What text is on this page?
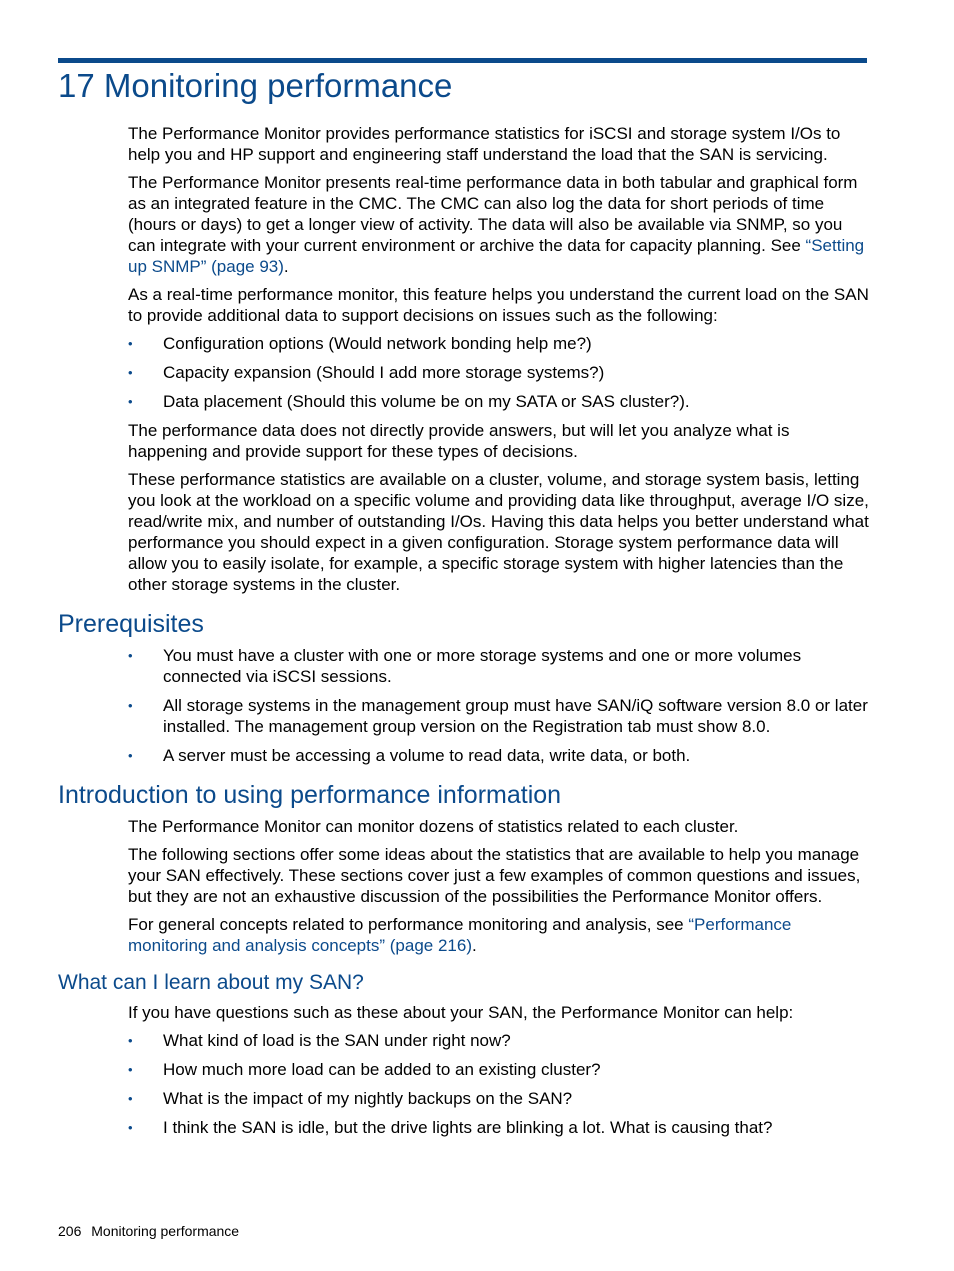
17 Monitoring performance

The Performance Monitor provides performance statistics for iSCSI and storage system I/Os to help you and HP support and engineering staff understand the load that the SAN is servicing.

The Performance Monitor presents real-time performance data in both tabular and graphical form as an integrated feature in the CMC. The CMC can also log the data for short periods of time (hours or days) to get a longer view of activity. The data will also be available via SNMP, so you can integrate with your current environment or archive the data for capacity planning. See “Setting up SNMP” (page 93).

As a real-time performance monitor, this feature helps you understand the current load on the SAN to provide additional data to support decisions on issues such as the following:

• Configuration options (Would network bonding help me?)
• Capacity expansion (Should I add more storage systems?)
• Data placement (Should this volume be on my SATA or SAS cluster?).

The performance data does not directly provide answers, but will let you analyze what is happening and provide support for these types of decisions.

These performance statistics are available on a cluster, volume, and storage system basis, letting you look at the workload on a specific volume and providing data like throughput, average I/O size, read/write mix, and number of outstanding I/Os. Having this data helps you better understand what performance you should expect in a given configuration. Storage system performance data will allow you to easily isolate, for example, a specific storage system with higher latencies than the other storage systems in the cluster.

Prerequisites
• You must have a cluster with one or more storage systems and one or more volumes connected via iSCSI sessions.
• All storage systems in the management group must have SAN/iQ software version 8.0 or later installed. The management group version on the Registration tab must show 8.0.
• A server must be accessing a volume to read data, write data, or both.
Introduction to using performance information

The Performance Monitor can monitor dozens of statistics related to each cluster.

The following sections offer some ideas about the statistics that are available to help you manage your SAN effectively. These sections cover just a few examples of common questions and issues, but they are not an exhaustive discussion of the possibilities the Performance Monitor offers.

For general concepts related to performance monitoring and analysis, see “Performance monitoring and analysis concepts” (page 216).

What can I learn about my SAN?

If you have questions such as these about your SAN, the Performance Monitor can help:

• What kind of load is the SAN under right now?
• How much more load can be added to an existing cluster?
• What is the impact of my nightly backups on the SAN?
• I think the SAN is idle, but the drive lights are blinking a lot. What is causing that?
206 Monitoring performance
